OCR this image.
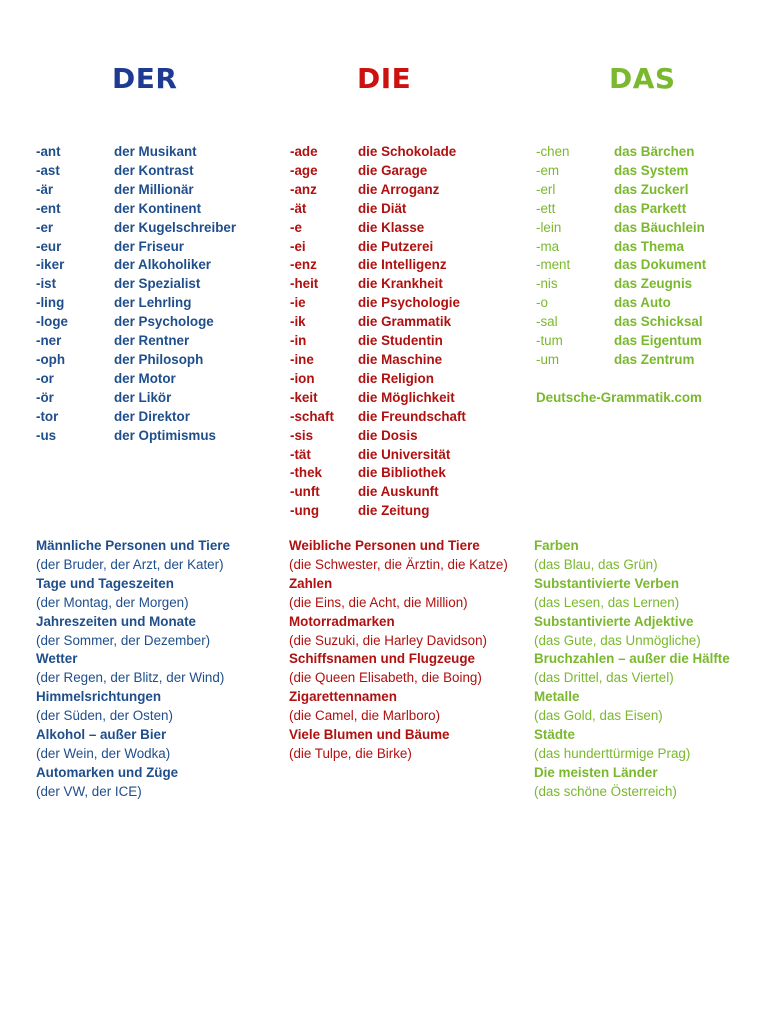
DER	DIE	DAS
-ant	der Musikant
-ast	der Kontrast
-är	der Millionär
-ent	der Kontinent
-er	der Kugelschreiber
-eur	der Friseur
-iker	der Alkoholiker
-ist	der Spezialist
-ling	der Lehrling
-loge	der Psychologe
-ner	der Rentner
-oph	der Philosoph
-or	der Motor
-ör	der Likör
-tor	der Direktor
-us	der Optimismus
-ade	die Schokolade
-age	die Garage
-anz	die Arroganz
-ät	die Diät
-e	die Klasse
-ei	die Putzerei
-enz	die Intelligenz
-heit	die Krankheit
-ie	die Psychologie
-ik	die Grammatik
-in	die Studentin
-ine	die Maschine
-ion	die Religion
-keit	die Möglichkeit
-schaft	die Freundschaft
-sis	die Dosis
-tät	die Universität
-thek	die Bibliothek
-unft	die Auskunft
-ung	die Zeitung
-chen	das Bärchen
-em	das System
-erl	das Zuckerl
-ett	das Parkett
-lein	das Bäuchlein
-ma	das Thema
-ment	das Dokument
-nis	das Zeugnis
-o	das Auto
-sal	das Schicksal
-tum	das Eigentum
-um	das Zentrum
Deutsche-Grammatik.com
Männliche Personen und Tiere
(der Bruder, der Arzt, der Kater)
Tage und Tageszeiten
(der Montag, der Morgen)
Jahreszeiten und Monate
(der Sommer, der Dezember)
Wetter
(der Regen, der Blitz, der Wind)
Himmelsrichtungen
(der Süden, der Osten)
Alkohol – außer Bier
(der Wein, der Wodka)
Automarken und Züge
(der VW, der ICE)
Weibliche Personen und Tiere
(die Schwester, die Ärztin, die Katze)
Zahlen
(die Eins, die Acht, die Million)
Motorradmarken
(die Suzuki, die Harley Davidson)
Schiffsnamen und Flugzeuge
(die Queen Elisabeth, die Boing)
Zigarettennamen
(die Camel, die Marlboro)
Viele Blumen und Bäume
(die Tulpe, die Birke)
Farben
(das Blau, das Grün)
Substantivierte Verben
(das Lesen, das Lernen)
Substantivierte Adjektive
(das Gute, das Unmögliche)
Bruchzahlen – außer die Hälfte
(das Drittel, das Viertel)
Metalle
(das Gold, das Eisen)
Städte
(das hunderttürmige Prag)
Die meisten Länder
(das schöne Österreich)
